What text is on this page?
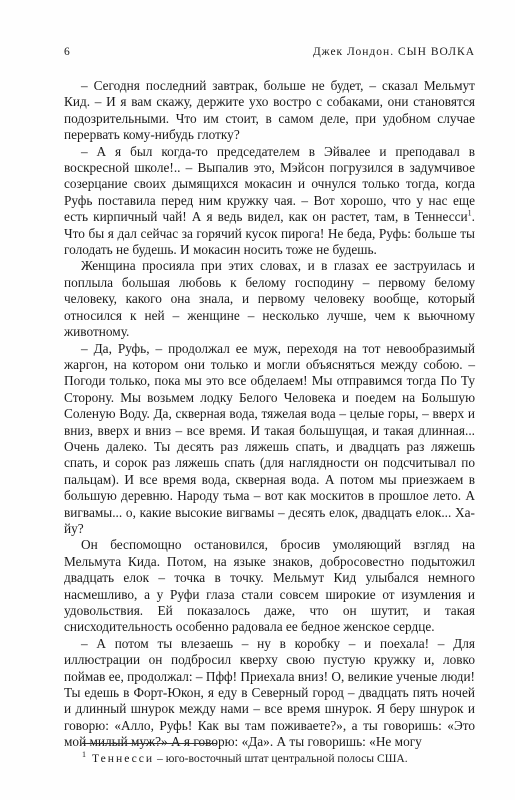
6	Джек Лондон. СЫН ВОЛКА

– Сегодня последний завтрак, больше не будет, – сказал Мельмут Кид. – И я вам скажу, держите ухо востро с собаками, они становятся подозрительными. Что им стоит, в самом деле, при удобном случае перервать кому-нибудь глотку?

– А я был когда-то председателем в Эйвалее и преподавал в воскресной школе!.. – Выпалив это, Мэйсон погрузился в задумчивое созерцание своих дымящихся мокасин и очнулся только тогда, когда Руфь поставила перед ним кружку чая. – Вот хорошо, что у нас еще есть кирпичный чай! А я ведь видел, как он растет, там, в Теннесси$^1$. Что бы я дал сейчас за горячий кусок пирога! Не беда, Руфь: больше ты голодать не будешь. И мокасин носить тоже не будешь.

Женщина просияла при этих словах, и в глазах ее заструилась и поплыла большая любовь к белому господину – первому белому человеку, какого она знала, и первому человеку вообще, который относился к ней – женщине – несколько лучше, чем к вьючному животному.

– Да, Руфь, – продолжал ее муж, переходя на тот невообразимый жаргон, на котором они только и могли объясняться между собою. – Погоди только, пока мы это все обделаем! Мы отправимся тогда По Ту Сторону. Мы возьмем лодку Белого Человека и поедем на Большую Соленую Воду. Да, скверная вода, тяжелая вода – целые горы, – вверх и вниз, вверх и вниз – все время. И такая большущая, и такая длинная... Очень далеко. Ты десять раз ляжешь спать, и двадцать раз ляжешь спать, и сорок раз ляжешь спать (для наглядности он подсчитывал по пальцам). И все время вода, скверная вода. А потом мы приезжаем в большую деревню. Народу тьма – вот как москитов в прошлое лето. А вигвамы... о, какие высокие вигвамы – десять елок, двадцать елок... Ха-йу?

Он беспомощно остановился, бросив умоляющий взгляд на Мельмута Кида. Потом, на языке знаков, добросовестно подытожил двадцать елок – точка в точку. Мельмут Кид улыбался немного насмешливо, а у Руфи глаза стали совсем широкие от изумления и удовольствия. Ей показалось даже, что он шутит, и такая снисходительность особенно радовала ее бедное женское сердце.

– А потом ты влезаешь – ну в коробку – и поехала! – Для иллюстрации он подбросил кверху свою пустую кружку и, ловко поймав ее, продолжал: – Пфф! Приехала вниз! О, великие ученые люди! Ты едешь в Форт-Юкон, я еду в Северный город – двадцать пять ночей и длинный шнурок между нами – все время шнурок. Я беру шнурок и говорю: «Алло, Руфь! Как вы там поживаете?», а ты говоришь: «Это мой милый муж?» А я говорю: «Да». А ты говоришь: «Не могу

$^1$ Теннесси – юго-восточный штат центральной полосы США.
